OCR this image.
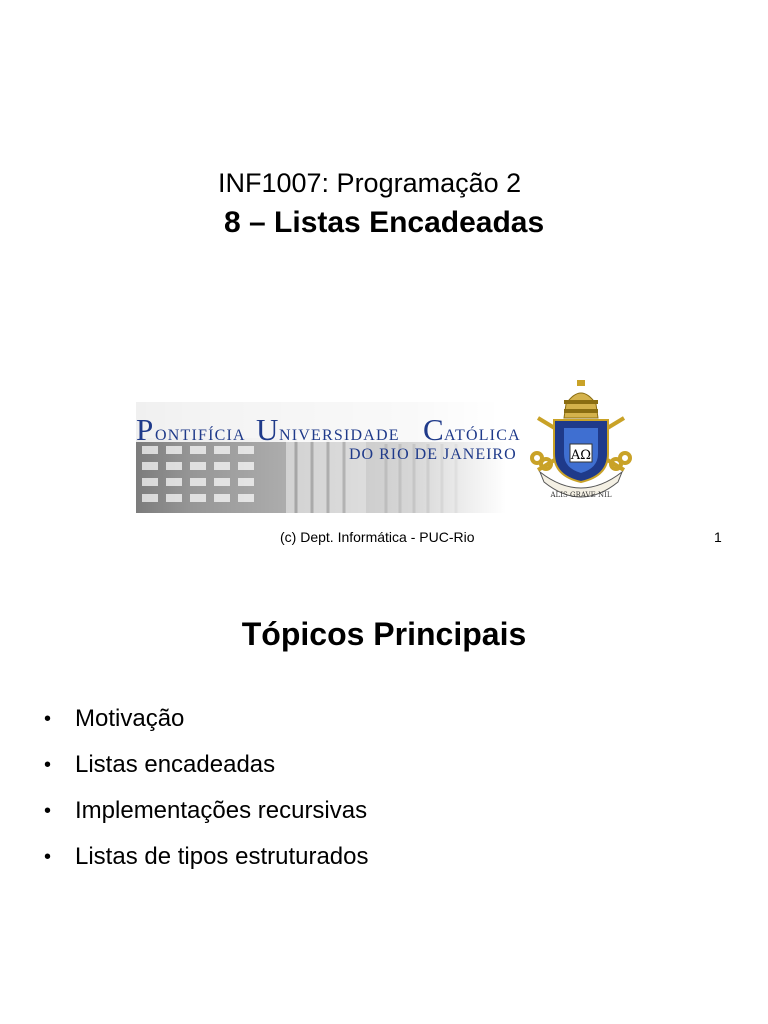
INF1007: Programação 2
8 – Listas Encadeadas
P ONTIFÍCIA U NIVERSIDADE C ATÓLICA
DO RIO DE JANEIRO	ΑΩ
ALIS GRAVE NIL
(c) Dept. Informática - PUC-Rio	1
Tópicos Principais
• Motivação
• Listas encadeadas
• Implementações recursivas
• Listas de tipos estruturados
